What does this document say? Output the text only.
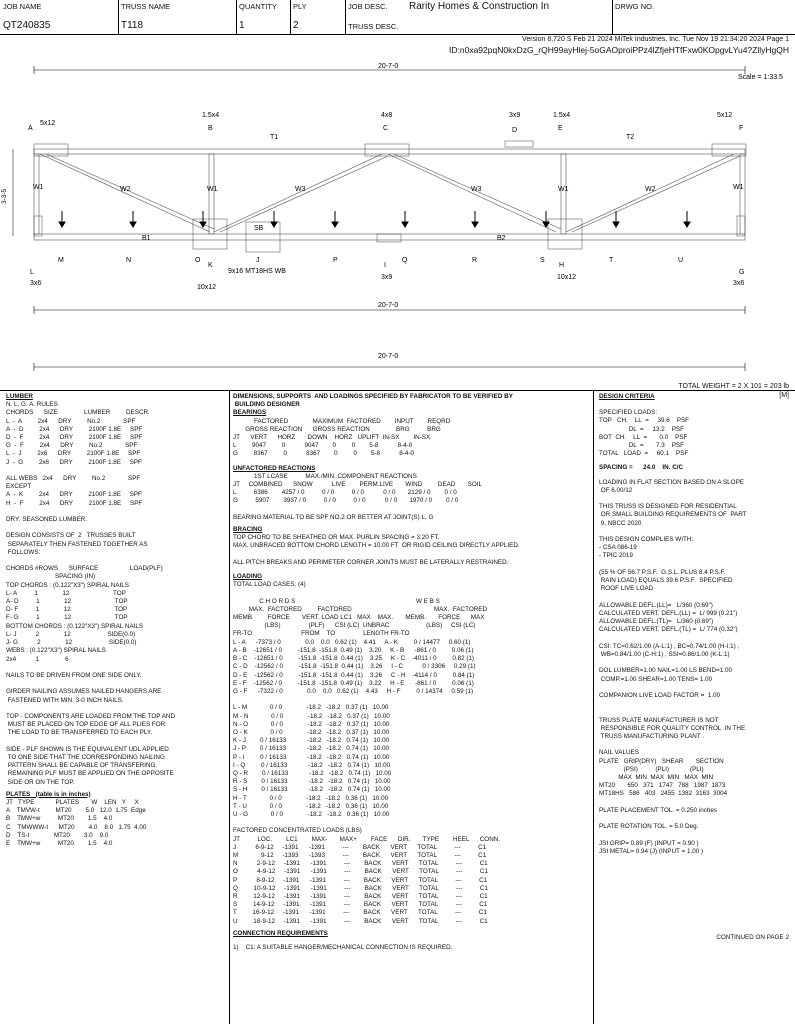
JOB NAME
QT240835
TRUSS NAME
T118
QUANTITY
1
PLY
2
JOB DESC. Rarity Homes & Construction In
TRUSS DESC.
DRWG NO.
Version 8.720 S Feb 21 2024 MiTek Industries, Inc. Tue Nov 19 21:34:20 2024 Page 1
ID:n0xa92pqN0kxDzG_rQH99ayHlej-5oGAOproiPPz4lZfjeHTfFxw0KOpgvLYu4?ZllyHgQH
20-7-0
Scale = 1:33.5
3-3-5
5x12
1.5x4	4x8	3x9	1.5x4	5x12
A	B	C	D	E	F
T1	T2
W1	W2	W1	W3	W3	W1	W2	W1
B1	B2
SB
L
M	N	O
K
J	P
I
Q	R	S
H
T	U
G
3x6
10x12
3x9	10x12
3x6
9x16 MT18HS WB
20-7-0
20-7-0
TOTAL WEIGHT = 2 X 101 = 203 lb
[M]
LUMBER
N. L. G. A. RULES
CHORDS      SIZE               LUMBER         DESCR.
L  -  A         2x4      DRY         No.2             SPF
A  -  D         2x4      DRY         2100F 1.8E     SPF
D  -  F         2x4      DRY         2100F 1.8E     SPF
G  -  F         2x4      DRY         No.2             SPF
L  -  J         2x6      DRY         2100F 1.8E     SPF
J  -  G         2x6      DRY         2100F 1.8E     SPF

ALL WEBS   2x4      DRY         No.2             SPF
EXCEPT
A  -  K         2x4      DRY         2100F 1.8E     SPF
H  -  F         2x4      DRY         2100F 1.8E     SPF

DRY: SEASONED LUMBER.

DESIGN CONSISTS OF  2   TRUSSES BUILT
SEPARATELY THEN FASTENED TOGETHER AS
FOLLOWS:

CHORDS #ROWS      SURFACE                  LOAD(PLF)
SPACING (IN)
TOP CHORDS : (0.122"X3") SPIRAL NAILS
L- A          1              12                         TOP
A- D          1              12                         TOP
D- F          1              12                         TOP
F- G          1              12                         TOP
BOTTOM CHORDS : (0.122"X3") SPIRAL NAILS
L- J           2              12                     SIDE(0.0)
J- G           2              12                     SIDE(0.0)
WEBS : (0.122"X3") SPIRAL NAILS
2x4           1               6

NAILS TO BE DRIVEN FROM ONE SIDE ONLY.

GIRDER NAILING ASSUMES NAILED HANGERS ARE
FASTENED WITH MIN. 3-0 INCH NAILS.

TOP - COMPONENTS ARE LOADED FROM THE TOP AND
MUST BE PLACED ON TOP EDGE OF ALL PLIES FOR
THE LOAD TO BE TRANSFERRED TO EACH PLY.

SIDE - PLF SHOWN IS THE EQUIVALENT UDL APPLIED
TO ONE SIDE THAT THE CORRESPONDING NAILING
PATTERN SHALL BE CAPABLE OF TRANSFERING.
REMAINING PLF MUST BE APPLIED ON THE OPPOSITE
SIDE OR ON THE TOP.
PLATES   (table is in inches)
JT   TYPE            PLATES       W    LEN   Y     X
A    TMVW-t         MT20        5.0   12.0  1.75  Edge
B    TMW+w          MT20        1.5    4.0
C    TMWWW-t      MT20        4.0    8.0   1.75  4.00
D    TS-t              MT20        3.0    9.0
E    TMW+w          MT20        1.5    4.0
DIMENSIONS, SUPPORTS  AND LOADINGS SPECIFIED BY FABRICATOR TO BE VERIFIED BY
BUILDING DESIGNER
BEARINGS
FACTORED              MAXIMUM  FACTORED        INPUT        REQRD
GROSS REACTION      GROSS REACTION               BRG          BRG
JT      VERT      HORZ       DOWN    HORZ   UPLIFT  IN-SX        IN-SX
L         9047         0           9047        0         0        5-8           8-4-0
G         8367         0           8367        0         0        5-8           8-4-0
UNFACTORED REACTIONS
1ST LCASE          MAX./MIN. COMPONENT REACTIONS
JT     COMBINED      SNOW           LIVE        PERM.LIVE       WIND         DEAD       SOIL
L          6386        4257 / 0          0 / 0          0 / 0           0 / 0       2129 / 0        0 / 0
G          5907        3937 / 0          0 / 0          0 / 0           0 / 0       1970 / 0        0 / 0

BEARING MATERIAL TO BE SPF NO.2 OR BETTER AT JOINT(S) L, G
BRACING
TOP CHORD TO BE SHEATHED OR MAX. PURLIN SPACING = 3.20 FT.
MAX. UNBRACED BOTTOM CHORD LENGTH = 10.00 FT  OR RIGID CEILING DIRECTLY APPLIED.

ALL PITCH BREAKS AND PERIMETER CORNER JOINTS MUST BE LATERALLY RESTRAINED.
LOADING
TOTAL LOAD CASES: (4)

C H O R D S                                                                     W E B S
MAX.  FACTORED         FACTORED                                               MAX.  FACTORED
MEMB.        FORCE       VERT. LOAD LC1   MAX    MAX.       MEMB.       FORCE      MAX
(LBS)                (PLF)      CSI (LC)  UNBRAC                     (LBS)     CSI (LC)
FR-TO                            FROM    TO                LENGTH FR-TO
L - A      -7373 / 0              0.0    0.0   0.62 (1)    4.41     A - K         0 / 14477     0.60 (1)
A - B    -12651 / 0         -151.8  -151.8  0.49 (1)    3.20     K - B      -861 / 0         0.06 (1)
B - C    -12651 / 0         -151.8  -151.8  0.44 (1)    3.25     K - C    -4011 / 0         0.82 (1)
C - D    -12562 / 0         -151.8  -151.8  0.44 (1)    3.26     I - C           0 / 3306     0.29 (1)
D - E    -12562 / 0         -151.8  -151.8  0.44 (1)    3.26     C - H    -4114 / 0         0.84 (1)
E - F    -12562 / 0         -151.8  -151.8  0.49 (1)    3.22     H - E      -861 / 0         0.06 (1)
G - F      -7322 / 0              0.0    0.0   0.62 (1)    4.43     H - F         0 / 14374     0.59 (1)

L - M             0 / 0              -18.2   -18.2   0.37 (1)   10.00
M - N             0 / 0              -18.2   -18.2   0.37 (1)   10.00
N - O             0 / 0              -18.2   -18.2   0.37 (1)   10.00
O - K             0 / 0              -18.2   -18.2   0.37 (1)   10.00
K - J        0 / 16133            -18.2   -18.2   0.74 (1)   10.00
J - P        0 / 16133            -18.2   -18.2   0.74 (1)   10.00
P - I         0 / 16133            -18.2   -18.2   0.74 (1)   10.00
I - Q         0 / 16133            -18.2   -18.2   0.74 (1)   10.00
Q - R        0 / 16133            -18.2   -18.2   0.74 (1)   10.00
R - S        0 / 16133            -18.2   -18.2   0.74 (1)   10.00
S - H        0 / 16133            -18.2   -18.2   0.74 (1)   10.00
H - T             0 / 0              -18.2   -18.2   0.36 (1)   10.00
T - U             0 / 0              -18.2   -18.2   0.36 (1)   10.00
U - G             0 / 0              -18.2   -18.2   0.36 (1)   10.00

FACTORED CONCENTRATED LOADS (LBS)
JT          LOC.        LC1        MAX-       MAX+        FACE      DIR.       TYPE        HEEL      CONN.
J           6-9-12     -1391      -1391          ---        BACK      VERT      TOTAL          ---          C1
M             9-12     -1393      -1393          ---        BACK      VERT      TOTAL          ---          C1
N           2-9-12     -1391      -1391          ---        BACK      VERT      TOTAL          ---          C1
O           4-9-12     -1391      -1391          ---        BACK      VERT      TOTAL          ---          C1
P           8-9-12     -1391      -1391          ---        BACK      VERT      TOTAL          ---          C1
Q         10-9-12     -1391      -1391          ---        BACK      VERT      TOTAL          ---          C1
R         12-9-12     -1391      -1391          ---        BACK      VERT      TOTAL          ---          C1
S         14-9-12     -1391      -1391          ---        BACK      VERT      TOTAL          ---          C1
T         16-9-12     -1391      -1391          ---        BACK      VERT      TOTAL          ---          C1
U         18-9-12     -1391      -1391          ---        BACK      VERT      TOTAL          ---          C1
CONNECTION REQUIREMENTS
1)    C1: A SUITABLE HANGER/MECHANICAL CONNECTION IS REQUIRED.
DESIGN CRITERIA
SPECIFIED LOADS:
TOP   CH.    LL  =     39.6    PSF
DL  =     13.2    PSF
BOT  CH.    LL  =       0.0    PSF
DL  =       7.3    PSF
TOTAL   LOAD  =     60.1    PSF
SPACING =      24.0    IN. C/C
LOADING IN FLAT SECTION BASED ON A SLOPE
OF 6.00/12

THIS TRUSS IS DESIGNED FOR RESIDENTIAL
OR SMALL BUILDING REQUIREMENTS OF  PART
9, NBCC 2020

THIS DESIGN COMPLIES WITH:
- CSA 086-19
- TPIC 2019

(55 % OF 56.7 P.S.F.  G.S.L. PLUS 8.4 P.S.F.
RAIN LOAD) EQUALS 39.6 P.S.F.  SPECIFIED
ROOF LIVE LOAD

ALLOWABLE DEFL.(LL)=   L/360 (0.69")
CALCULATED VERT. DEFL.(LL) =  L/ 999 (0.21")
ALLOWABLE DEFL.(TL)=   L/360 (0.69")
CALCULATED VERT. DEFL.(TL) =  L/ 774 (0.32")

CSI: TC=0.62/1.00 (A-L:1) , BC=0.74/1.00 (H-I:1) ,
WB=0.84/1.00 (C-H:1) , SSI=0.86/1.00 (K-L:1)

DOL LUMBER=1.00 NAIL=1.00 LS BEND=1.00
COMP.=1.00 SHEAR=1.00 TENS= 1.00

COMPANION LIVE LOAD FACTOR =  1.00

TRUSS PLATE MANUFACTURER IS NOT
RESPONSIBLE FOR QUALITY CONTROL  IN THE
TRUSS MANUFACTURING PLANT .

NAIL VALUES
PLATE   GRIP(DRY)   SHEAR       SECTION
(PSI)          (PLI)            (PLI)
MAX  MIN  MAX  MIN   MAX  MIN
MT20       650   371   1747   788   1987  1873
MT18HS   586   403   2455  1382  3163  3004

PLATE PLACEMENT TOL. = 0.250 inches

PLATE ROTATION TOL. = 5.0 Deg.

JSI GRIP= 0.89 (F) (INPUT = 0.90 )
JSI METAL= 0.94 (J) (INPUT = 1.00 )
CONTINUED ON PAGE 2
